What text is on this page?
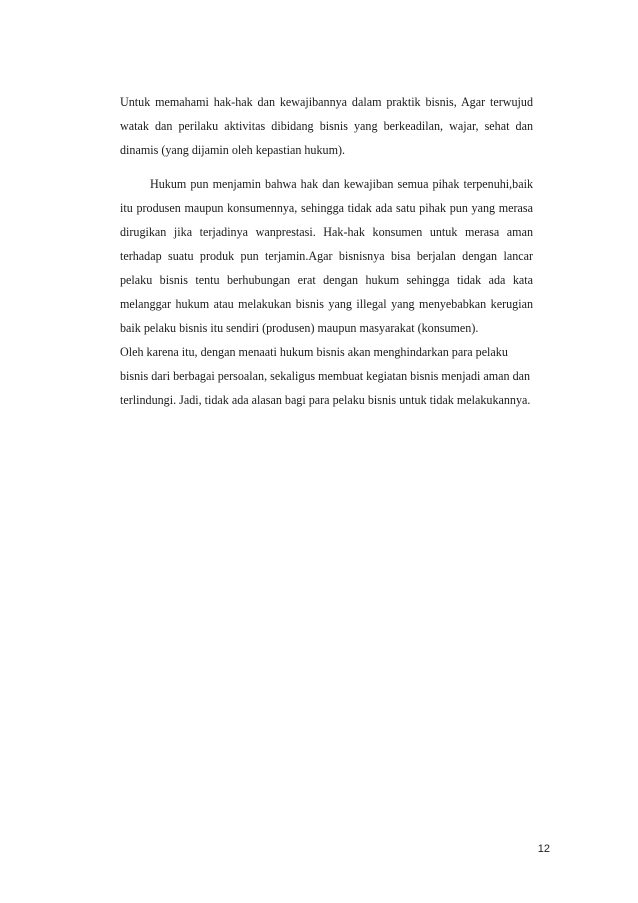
Untuk memahami hak-hak dan kewajibannya dalam praktik bisnis, Agar terwujud watak dan perilaku aktivitas dibidang bisnis yang berkeadilan, wajar, sehat dan dinamis (yang dijamin oleh kepastian hukum).

Hukum pun menjamin bahwa hak dan kewajiban semua pihak terpenuhi,baik itu produsen maupun konsumennya, sehingga tidak ada satu pihak pun yang merasa dirugikan jika terjadinya wanprestasi. Hak-hak konsumen untuk merasa aman terhadap suatu produk pun terjamin.Agar bisnisnya bisa berjalan dengan lancar pelaku bisnis tentu berhubungan erat dengan hukum sehingga tidak ada kata melanggar hukum atau melakukan bisnis yang illegal yang menyebabkan kerugian baik pelaku bisnis itu sendiri (produsen) maupun masyarakat (konsumen).

Oleh karena itu, dengan menaati hukum bisnis akan menghindarkan para pelaku bisnis dari berbagai persoalan, sekaligus membuat kegiatan bisnis menjadi aman dan terlindungi. Jadi, tidak ada alasan bagi para pelaku bisnis untuk tidak melakukannya.

12
